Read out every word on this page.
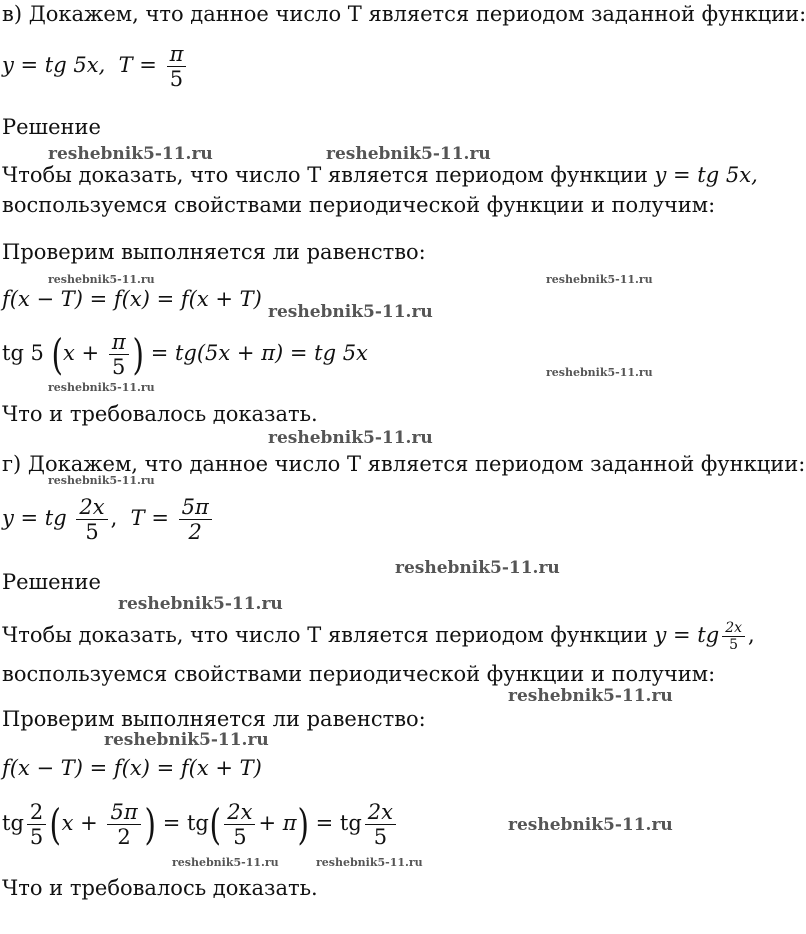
в) Докажем, что данное число Т является периодом заданной функции:
y = tg 5x, $T = \frac{\pi}{5}$
Решение
Чтобы доказать, что число Т является периодом функции y = tg 5x,
воспользуемся свойствами периодической функции и получим:
Проверим выполняется ли равенство:
f(x − T) = f(x) = f(x + T)
tg 5 ($x + \frac{\pi}{5}$ ) = tg(5x + π) = tg 5x
Что и требовалось доказать.
г) Докажем, что данное число Т является периодом заданной функции:
y = tg $\frac{2x}{5}$ ,  $T = \frac{5\pi}{2}$
Решение
Чтобы доказать, что число Т является периодом функции y = tg $\frac{2x}{5}$ ,
воспользуемся свойствами периодической функции и получим:
Проверим выполняется ли равенство:
f(x − T) = f(x) = f(x + T)
tg $\frac{2}{5} (x + \frac{5\pi}{2}$ ) = $tg( \frac{2x}{5} + \pi)$ = tg $\frac{2x}{5}$
Что и требовалось доказать.
reshebnik5-11.ru	reshebnik5-11.ru
reshebnik5-11.ru	reshebnik5-11.ru
reshebnik5-11.ru
reshebnik5-11.ru
reshebnik5-11.ru
reshebnik5-11.ru
reshebnik5-11.ru
reshebnik5-11.ru
reshebnik5-11.ru
reshebnik5-11.ru
reshebnik5-11.ru
reshebnik5-11.ru
reshebnik5-11.ru	reshebnik5-11.ru
